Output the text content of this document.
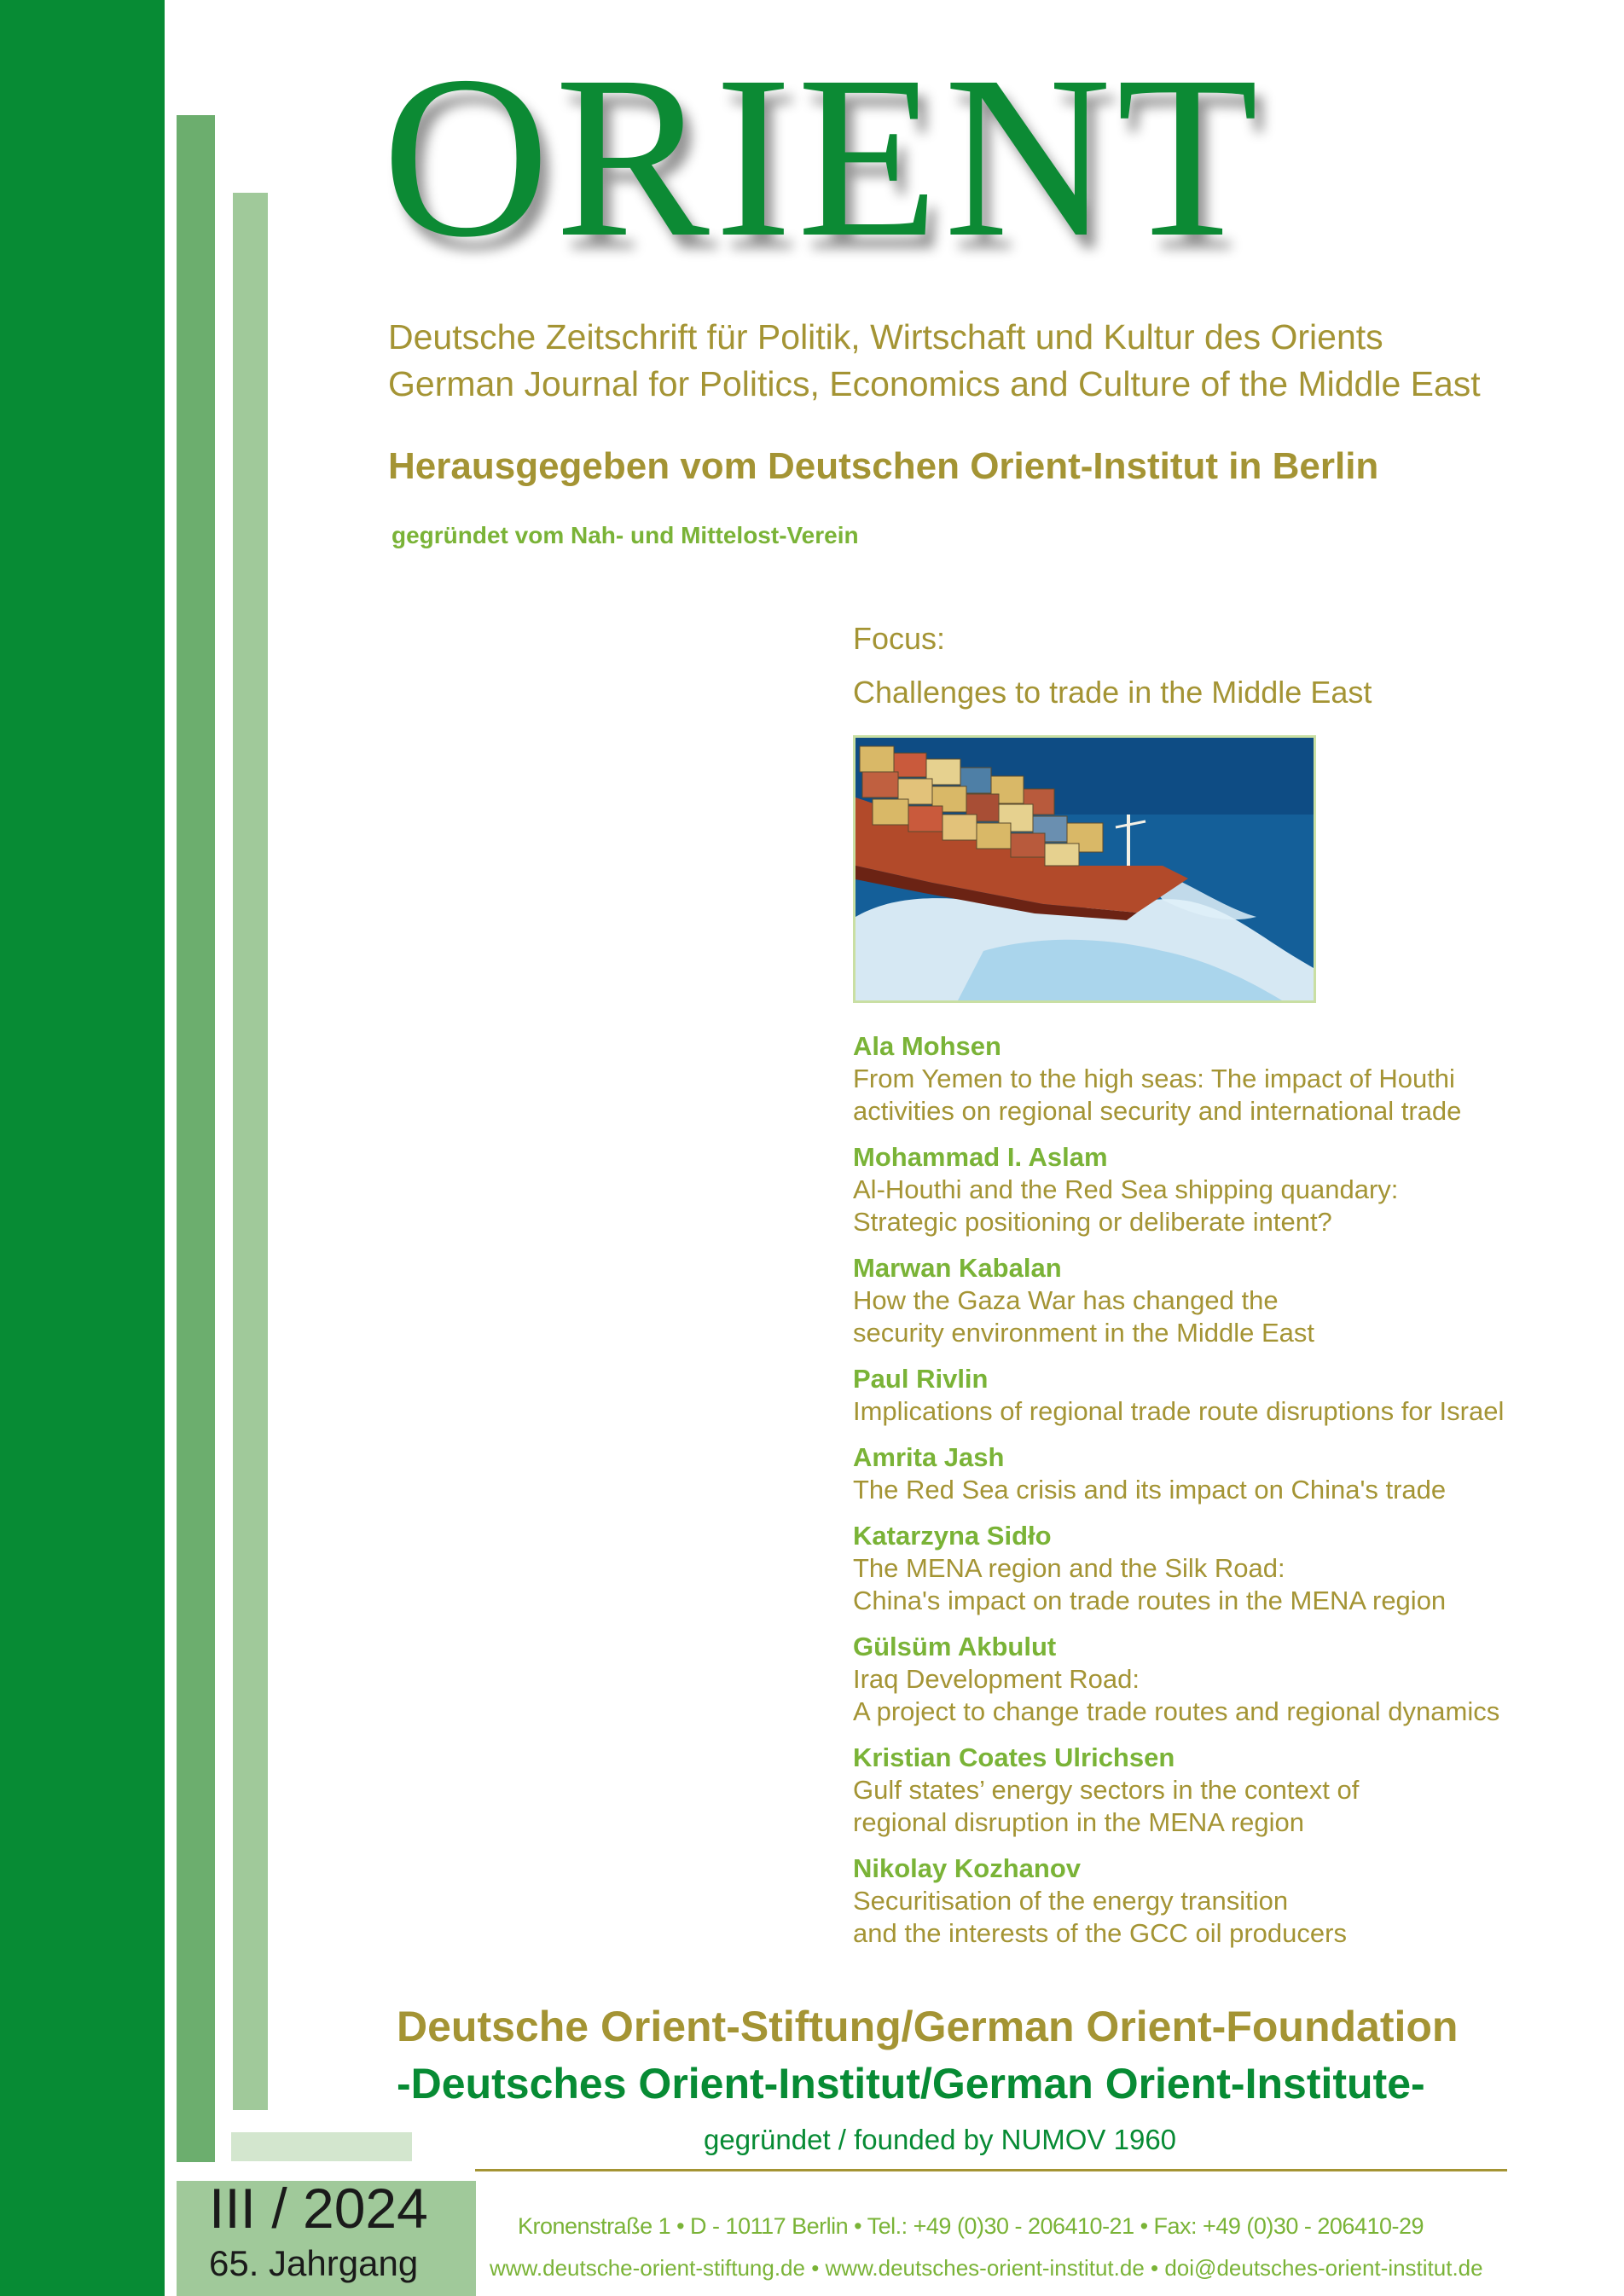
ORIENT

Deutsche Zeitschrift für Politik, Wirtschaft und Kultur des Orients

German Journal for Politics, Economics and Culture of the Middle East

Herausgegeben vom Deutschen Orient-Institut in Berlin

gegründet vom Nah- und Mittelost-Verein

Focus:

Challenges to trade in the Middle East

Ala Mohsen
From Yemen to the high seas: The impact of Houthi
activities on regional security and international trade
Mohammad I. Aslam
Al-Houthi and the Red Sea shipping quandary:
Strategic positioning or deliberate intent?
Marwan Kabalan
How the Gaza War has changed the
security environment in the Middle East
Paul Rivlin
Implications of regional trade route disruptions for Israel
Amrita Jash
The Red Sea crisis and its impact on China's trade
Katarzyna Sidło
The MENA region and the Silk Road:
China's impact on trade routes in the MENA region
Gülsüm Akbulut
Iraq Development Road:
A project to change trade routes and regional dynamics
Kristian Coates Ulrichsen
Gulf states’ energy sectors in the context of
regional disruption in the MENA region
Nikolay Kozhanov
Securitisation of the energy transition
and the interests of the GCC oil producers

Deutsche Orient-Stiftung/German Orient-Foundation

-Deutsches Orient-Institut/German Orient-Institute-

gegründet / founded by NUMOV 1960

III / 2024

65. Jahrgang

Kronenstraße 1 • D - 10117 Berlin • Tel.: +49 (0)30 - 206410-21 • Fax: +49 (0)30 - 206410-29

www.deutsche-orient-stiftung.de • www.deutsches-orient-institut.de • doi@deutsches-orient-institut.de
